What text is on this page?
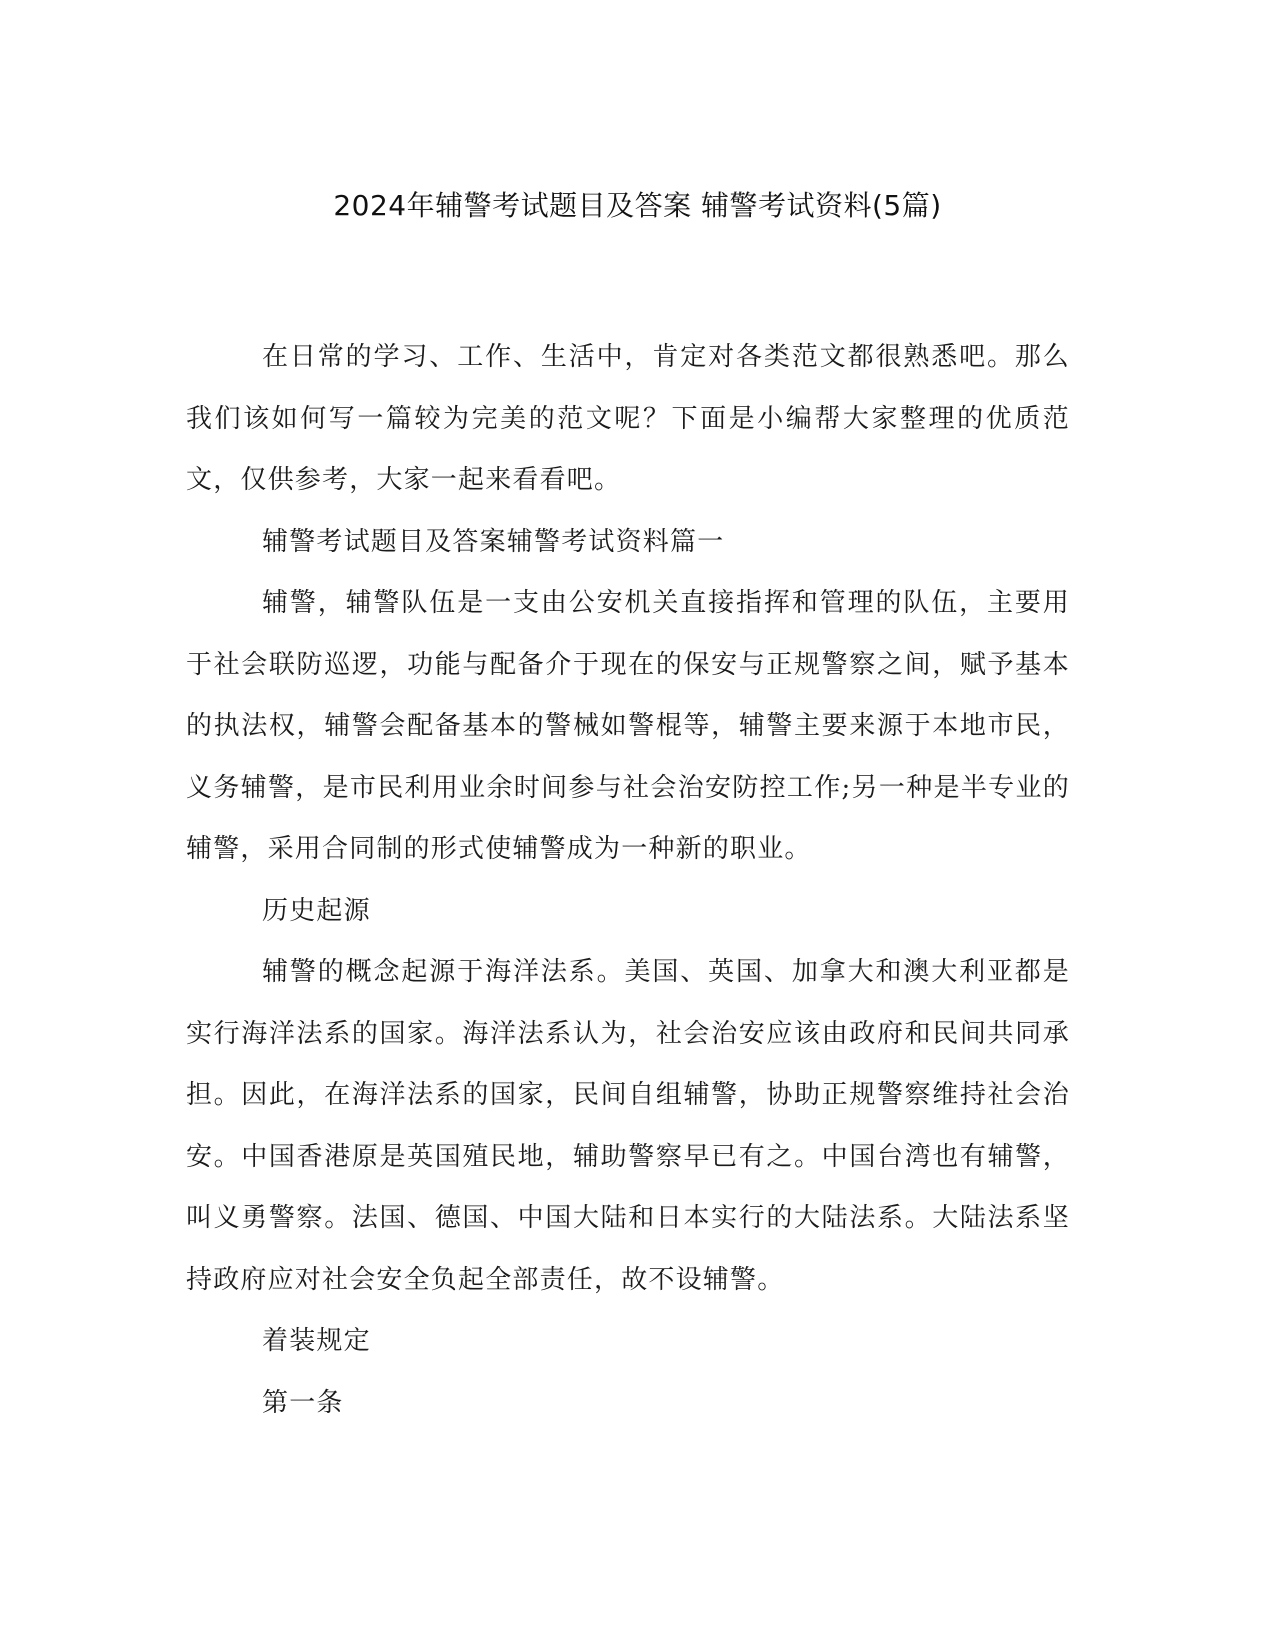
2024年辅警考试题目及答案 辅警考试资料(5篇)

在日常的学习、工作、生活中，肯定对各类范文都很熟悉吧。那么我们该如何写一篇较为完美的范文呢？下面是小编帮大家整理的优质范文，仅供参考，大家一起来看看吧。

辅警考试题目及答案辅警考试资料篇一

辅警，辅警队伍是一支由公安机关直接指挥和管理的队伍，主要用于社会联防巡逻，功能与配备介于现在的保安与正规警察之间，赋予基本的执法权，辅警会配备基本的警械如警棍等，辅警主要来源于本地市民，义务辅警，是市民利用业余时间参与社会治安防控工作;另一种是半专业的辅警，采用合同制的形式使辅警成为一种新的职业。

历史起源

辅警的概念起源于海洋法系。美国、英国、加拿大和澳大利亚都是实行海洋法系的国家。海洋法系认为，社会治安应该由政府和民间共同承担。因此，在海洋法系的国家，民间自组辅警，协助正规警察维持社会治安。中国香港原是英国殖民地，辅助警察早已有之。中国台湾也有辅警，叫义勇警察。法国、德国、中国大陆和日本实行的大陆法系。大陆法系坚持政府应对社会安全负起全部责任，故不设辅警。

着装规定

第一条
